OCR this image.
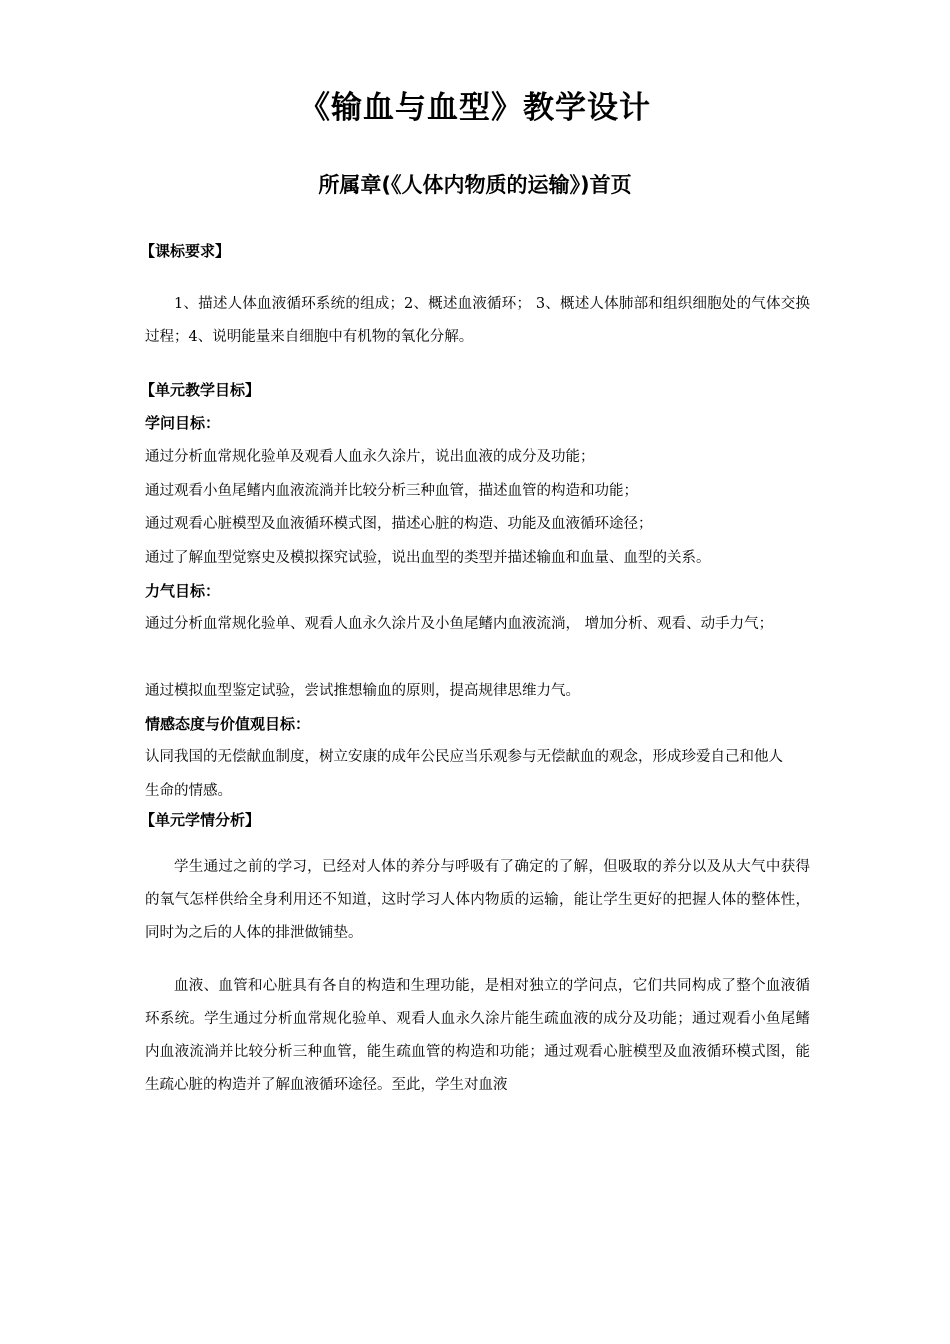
《输血与血型》教学设计
所属章(《人体内物质的运输》)首页
【课标要求】
1、描述人体血液循环系统的组成；2、概述血液循环； 3、概述人体肺部和组织细胞处的气体交换过程；4、说明能量来自细胞中有机物的氧化分解。
【单元教学目标】
学问目标：
通过分析血常规化验单及观看人血永久涂片，说出血液的成分及功能；
通过观看小鱼尾鳍内血液流淌并比较分析三种血管，描述血管的构造和功能；
通过观看心脏模型及血液循环模式图，描述心脏的构造、功能及血液循环途径；
通过了解血型觉察史及模拟探究试验，说出血型的类型并描述输血和血量、血型的关系。
力气目标：
通过分析血常规化验单、观看人血永久涂片及小鱼尾鳍内血液流淌， 增加分析、观看、动手力气；
通过模拟血型鉴定试验，尝试推想输血的原则，提高规律思维力气。
情感态度与价值观目标：
认同我国的无偿献血制度，树立安康的成年公民应当乐观参与无偿献血的观念，形成珍爱自己和他人生命的情感。
【单元学情分析】
学生通过之前的学习，已经对人体的养分与呼吸有了确定的了解，但吸取的养分以及从大气中获得的氧气怎样供给全身利用还不知道，这时学习人体内物质的运输，能让学生更好的把握人体的整体性，同时为之后的人体的排泄做铺垫。
血液、血管和心脏具有各自的构造和生理功能，是相对独立的学问点，它们共同构成了整个血液循环系统。学生通过分析血常规化验单、观看人血永久涂片能生疏血液的成分及功能；通过观看小鱼尾鳍内血液流淌并比较分析三种血管，能生疏血管的构造和功能；通过观看心脏模型及血液循环模式图，能生疏心脏的构造并了解血液循环途径。至此，学生对血液
